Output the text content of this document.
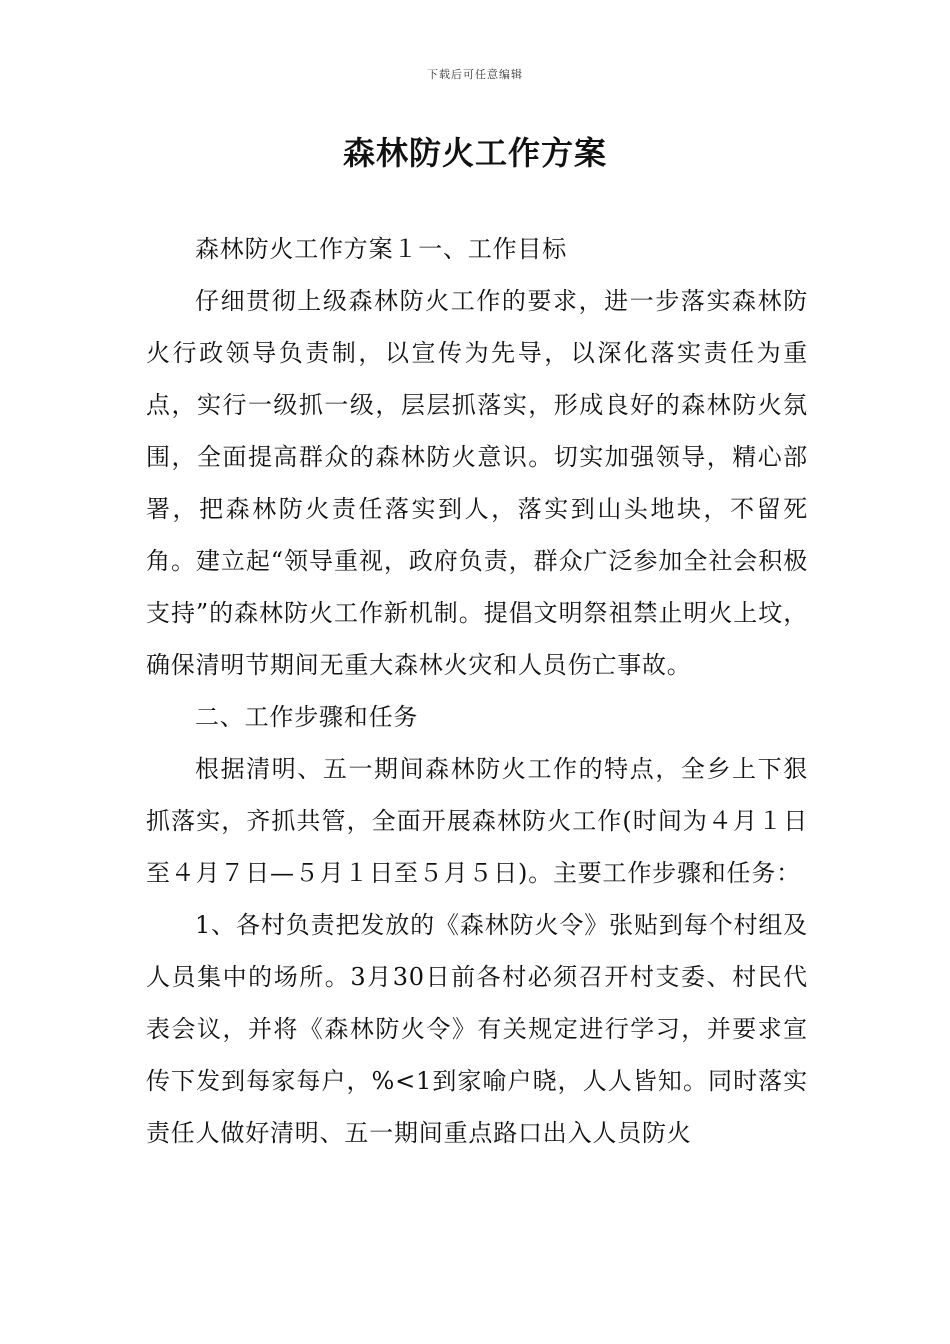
下载后可任意编辑
森林防火工作方案

森林防火工作方案１一、工作目标

仔细贯彻上级森林防火工作的要求，进一步落实森林防火行政领导负责制，以宣传为先导，以深化落实责任为重点，实行一级抓一级，层层抓落实，形成良好的森林防火氛围，全面提高群众的森林防火意识。切实加强领导，精心部署，把森林防火责任落实到人，落实到山头地块，不留死角。建立起“领导重视，政府负责，群众广泛参加全社会积极支持”的森林防火工作新机制。提倡文明祭祖禁止明火上坟，确保清明节期间无重大森林火灾和人员伤亡事故。

二、工作步骤和任务

根据清明、五一期间森林防火工作的特点，全乡上下狠抓落实，齐抓共管，全面开展森林防火工作(时间为４月１日至４月７日—５月１日至５月５日)。主要工作步骤和任务：

1、各村负责把发放的《森林防火令》张贴到每个村组及人员集中的场所。3月30日前各村必须召开村支委、村民代表会议，并将《森林防火令》有关规定进行学习，并要求宣传下发到每家每户，%<1到家喻户晓，人人皆知。同时落实责任人做好清明、五一期间重点路口出入人员防火
